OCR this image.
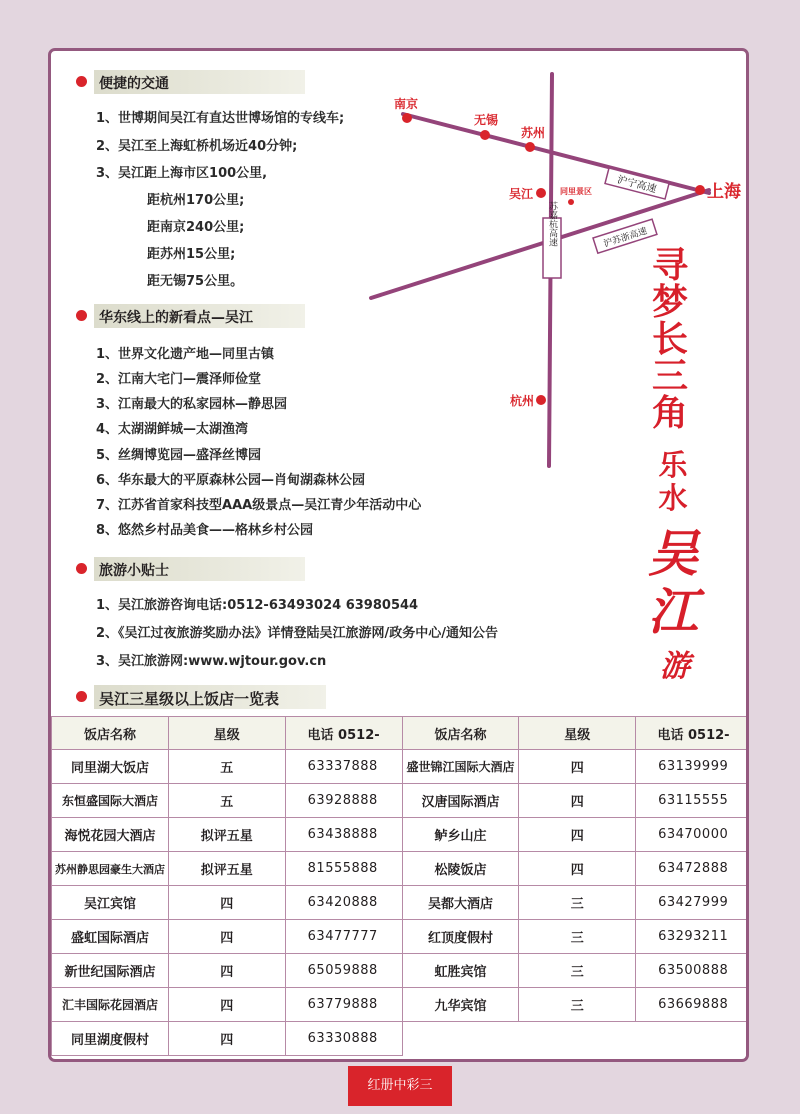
便捷的交通
1、世博期间吴江有直达世博场馆的专线车;
2、吴江至上海虹桥机场近40分钟;
3、吴江距上海市区100公里,
距杭州170公里;
距南京240公里;
距苏州15公里;
距无锡75公里。
华东线上的新看点—吴江
1、世界文化遗产地—同里古镇
2、江南大宅门—震泽师俭堂
3、江南最大的私家园林—静思园
4、太湖湖鲜城—太湖渔湾
5、丝绸博览园—盛泽丝博园
6、华东最大的平原森林公园—肖甸湖森林公园
7、江苏省首家科技型AAA级景点—吴江青少年活动中心
8、悠然乡村品美食——格林乡村公园
旅游小贴士
1、吴江旅游咨询电话:0512-63493024 63980544
2、《吴江过夜旅游奖励办法》详情登陆吴江旅游网/政务中心/通知公告
3、吴江旅游网:www.wjtour.gov.cn
吴江三星级以上饭店一览表
南京
无锡
苏州
上海
吴江	同里景区
杭州
沪宁高速
沪苏浙高速
苏嘉杭高速
寻梦长三角
乐水
吴江
游
饭店名称	星级	电话 0512-	饭店名称	星级	电话 0512-
同里湖大饭店	五	63337888	盛世锦江国际大酒店	四	63139999
东恒盛国际大酒店	五	63928888	汉唐国际酒店	四	63115555
海悦花园大酒店	拟评五星	63438888	鲈乡山庄	四	63470000
苏州静思园豪生大酒店	拟评五星	81555888	松陵饭店	四	63472888
吴江宾馆	四	63420888	吴都大酒店	三	63427999
盛虹国际酒店	四	63477777	红顶度假村	三	63293211
新世纪国际酒店	四	65059888	虹胜宾馆	三	63500888
汇丰国际花园酒店	四	63779888	九华宾馆	三	63669888
同里湖度假村	四	63330888			
红册中彩三
